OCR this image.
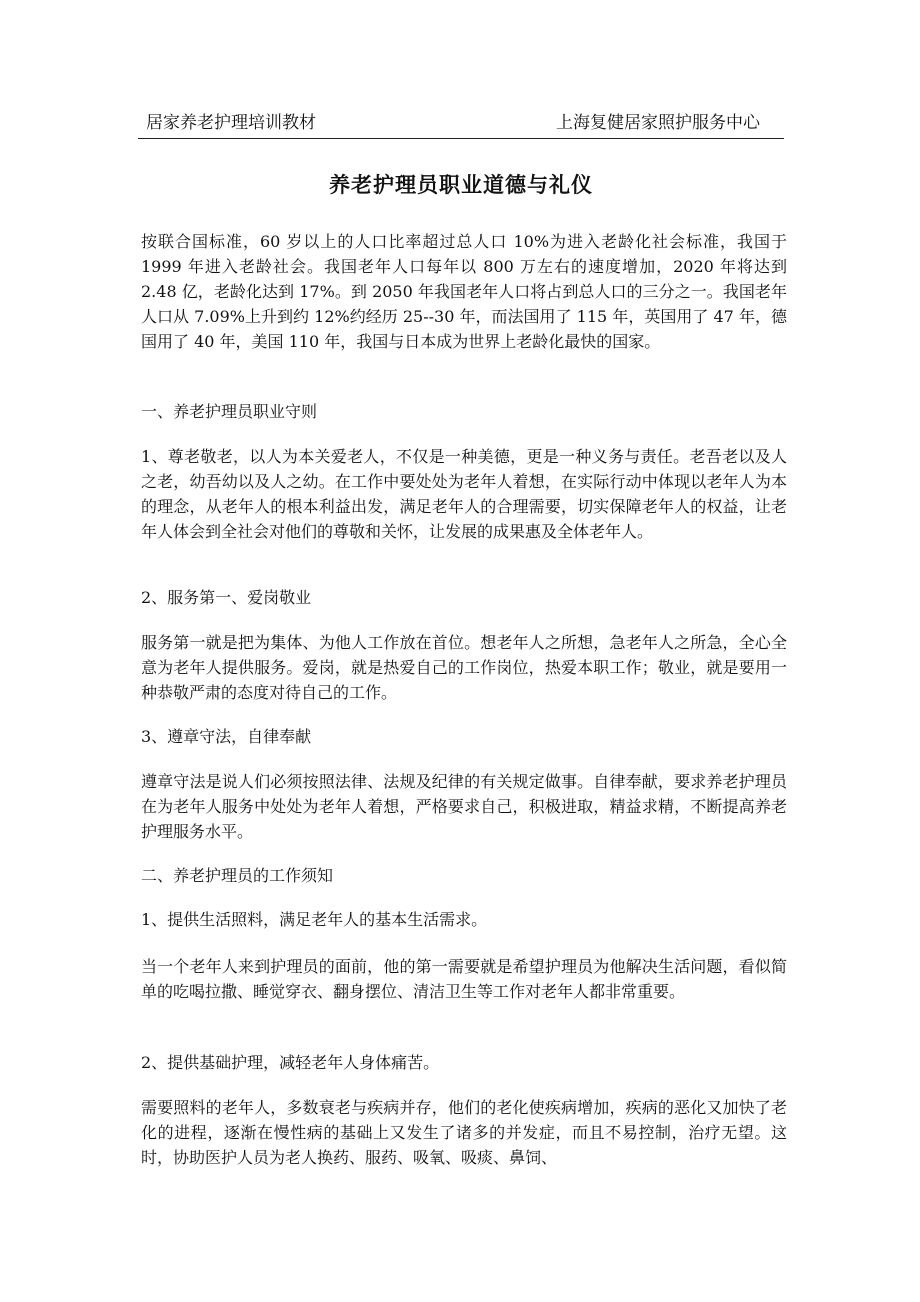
居家养老护理培训教材	上海复健居家照护服务中心
养老护理员职业道德与礼仪

按联合国标准，60 岁以上的人口比率超过总人口 10%为进入老龄化社会标准，我国于 1999 年进入老龄社会。我国老年人口每年以 800 万左右的速度增加，2020 年将达到 2.48 亿，老龄化达到 17%。到 2050 年我国老年人口将占到总人口的三分之一。我国老年人口从 7.09%上升到约 12%约经历 25--30 年，而法国用了 115 年，英国用了 47 年，德国用了 40 年，美国 110 年，我国与日本成为世界上老龄化最快的国家。

一、养老护理员职业守则

1、尊老敬老，以人为本关爱老人，不仅是一种美德，更是一种义务与责任。老吾老以及人之老，幼吾幼以及人之幼。在工作中要处处为老年人着想，在实际行动中体现以老年人为本的理念，从老年人的根本利益出发，满足老年人的合理需要，切实保障老年人的权益，让老年人体会到全社会对他们的尊敬和关怀，让发展的成果惠及全体老年人。

2、服务第一、爱岗敬业

服务第一就是把为集体、为他人工作放在首位。想老年人之所想，急老年人之所急，全心全意为老年人提供服务。爱岗，就是热爱自己的工作岗位，热爱本职工作；敬业，就是要用一种恭敬严肃的态度对待自己的工作。

3、遵章守法，自律奉献

遵章守法是说人们必须按照法律、法规及纪律的有关规定做事。自律奉献，要求养老护理员在为老年人服务中处处为老年人着想，严格要求自己，积极进取，精益求精，不断提高养老护理服务水平。

二、养老护理员的工作须知

1、提供生活照料，满足老年人的基本生活需求。

当一个老年人来到护理员的面前，他的第一需要就是希望护理员为他解决生活问题，看似简单的吃喝拉撒、睡觉穿衣、翻身摆位、清洁卫生等工作对老年人都非常重要。

2、提供基础护理，减轻老年人身体痛苦。

需要照料的老年人，多数衰老与疾病并存，他们的老化使疾病增加，疾病的恶化又加快了老化的进程，逐渐在慢性病的基础上又发生了诸多的并发症，而且不易控制，治疗无望。这时，协助医护人员为老人换药、服药、吸氧、吸痰、鼻饲、
